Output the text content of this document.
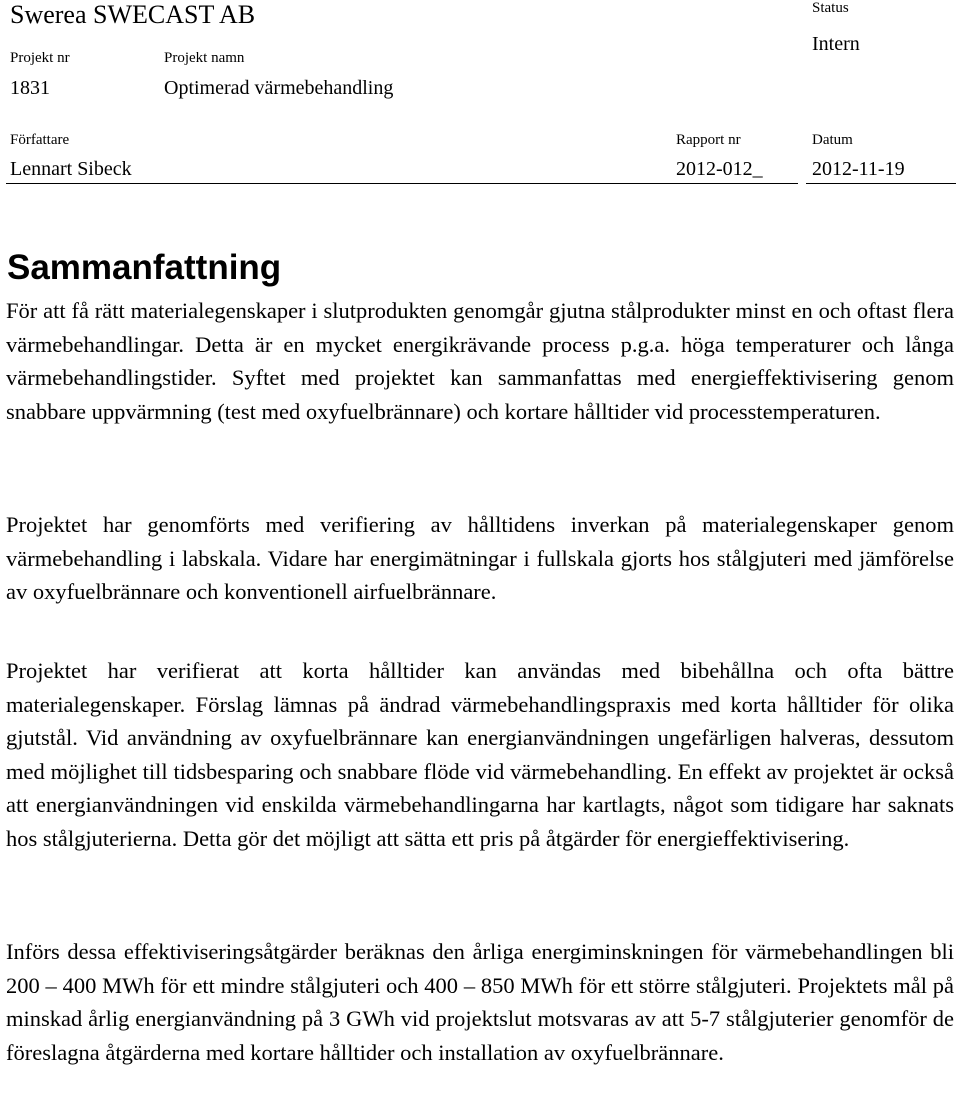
Swerea SWECAST AB	Status
Intern
Projekt nr	Projekt namn
1831	Optimerad värmebehandling
Författare	Rapport nr	Datum
Lennart Sibeck	2012-012_ 2012-11-19
Sammanfattning
För att få rätt materialegenskaper i slutprodukten genomgår gjutna stålprodukter minst en och oftast flera värmebehandlingar. Detta är en mycket energikrävande process p.g.a. höga temperaturer och långa värmebehandlingstider. Syftet med projektet kan sammanfattas med energieffektivisering genom snabbare uppvärmning (test med oxyfuelbrännare) och kortare hålltider vid processtemperaturen.
Projektet har genomförts med verifiering av hålltidens inverkan på materialegenskaper genom värmebehandling i labskala. Vidare har energimätningar i fullskala gjorts hos stålgjuteri med jämförelse av oxyfuelbrännare och konventionell airfuelbrännare.
Projektet har verifierat att korta hålltider kan användas med bibehållna och ofta bättre materialegenskaper. Förslag lämnas på ändrad värmebehandlingspraxis med korta hålltider för olika gjutstål. Vid användning av oxyfuelbrännare kan energianvändningen ungefärligen halveras, dessutom med möjlighet till tidsbesparing och snabbare flöde vid värmebehandling. En effekt av projektet är också att energianvändningen vid enskilda värmebehandlingarna har kartlagts, något som tidigare har saknats hos stålgjuterierna. Detta gör det möjligt att sätta ett pris på åtgärder för energieffektivisering.
Införs dessa effektiviseringsåtgärder beräknas den årliga energiminskningen för värmebehandlingen bli 200 – 400 MWh för ett mindre stålgjuteri och 400 – 850 MWh för ett större stålgjuteri. Projektets mål på minskad årlig energianvändning på 3 GWh vid projektslut motsvaras av att 5-7 stålgjuterier genomför de föreslagna åtgärderna med kortare hålltider och installation av oxyfuelbrännare.
